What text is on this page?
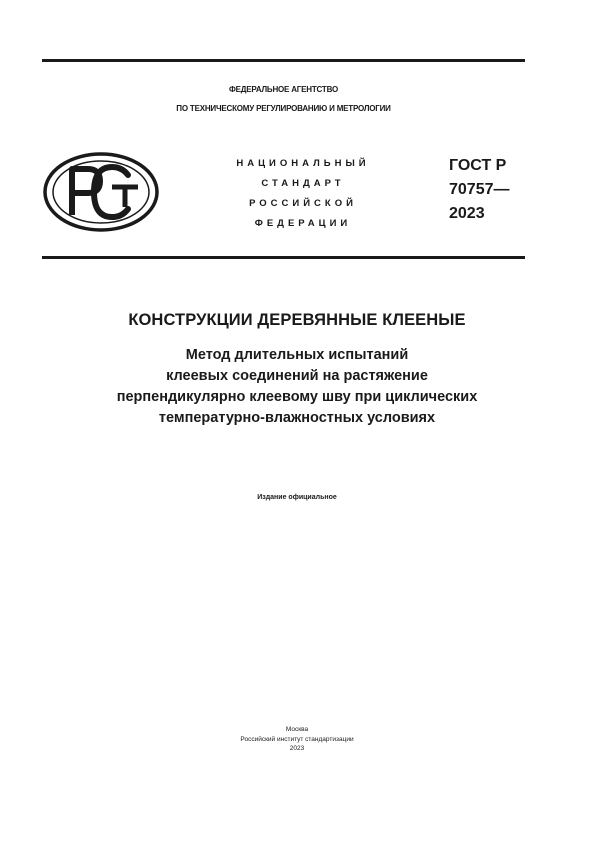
ФЕДЕРАЛЬНОЕ АГЕНТСТВО
ПО ТЕХНИЧЕСКОМУ РЕГУЛИРОВАНИЮ И МЕТРОЛОГИИ
НАЦИОНАЛЬНЫЙ
СТАНДАРТ
РОССИЙСКОЙ
ФЕДЕРАЦИИ
ГОСТ Р
70757—
2023
КОНСТРУКЦИИ ДЕРЕВЯННЫЕ КЛЕЕНЫЕ
Метод длительных испытаний
клеевых соединений на растяжение
перпендикулярно клеевому шву при циклических
температурно-влажностных условиях
Издание официальное
Москва
Российский институт стандартизации
2023
